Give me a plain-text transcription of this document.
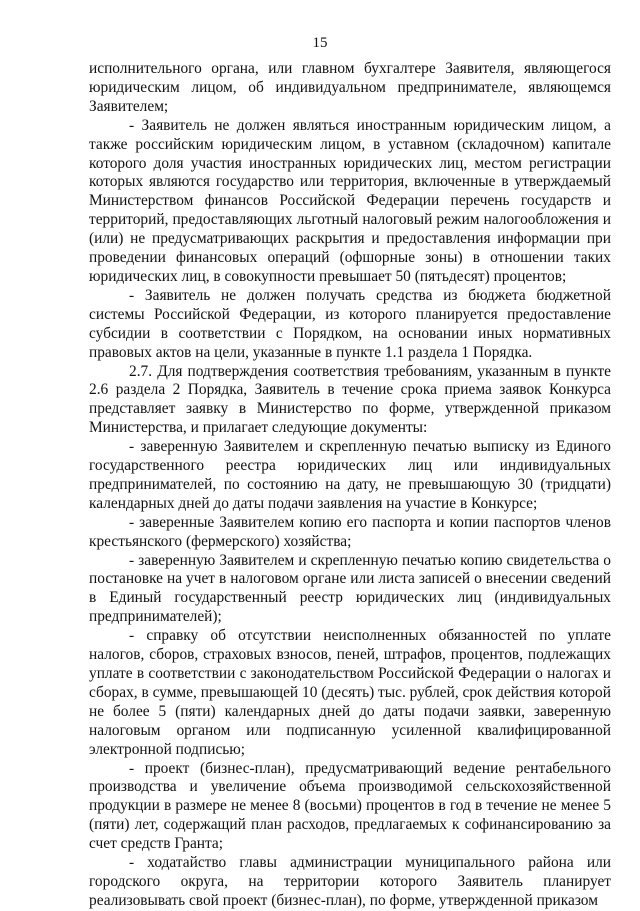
15

исполнительного органа, или главном бухгалтере Заявителя, являющегося юридическим лицом, об индивидуальном предпринимателе, являющемся Заявителем;

- Заявитель не должен являться иностранным юридическим лицом, а также российским юридическим лицом, в уставном (складочном) капитале которого доля участия иностранных юридических лиц, местом регистрации которых являются государство или территория, включенные в утверждаемый Министерством финансов Российской Федерации перечень государств и территорий, предоставляющих льготный налоговый режим налогообложения и (или) не предусматривающих раскрытия и предоставления информации при проведении финансовых операций (офшорные зоны) в отношении таких юридических лиц, в совокупности превышает 50 (пятьдесят) процентов;

- Заявитель не должен получать средства из бюджета бюджетной системы Российской Федерации, из которого планируется предоставление субсидии в соответствии с Порядком, на основании иных нормативных правовых актов на цели, указанные в пункте 1.1 раздела 1 Порядка.

2.7. Для подтверждения соответствия требованиям, указанным в пункте 2.6 раздела 2 Порядка, Заявитель в течение срока приема заявок Конкурса представляет заявку в Министерство по форме, утвержденной приказом Министерства, и прилагает следующие документы:

- заверенную Заявителем и скрепленную печатью выписку из Единого государственного реестра юридических лиц или индивидуальных предпринимателей, по состоянию на дату, не превышающую 30 (тридцати) календарных дней до даты подачи заявления на участие в Конкурсе;

- заверенные Заявителем копию его паспорта и копии паспортов членов крестьянского (фермерского) хозяйства;

- заверенную Заявителем и скрепленную печатью копию свидетельства о постановке на учет в налоговом органе или листа записей о внесении сведений в Единый государственный реестр юридических лиц (индивидуальных предпринимателей);

- справку об отсутствии неисполненных обязанностей по уплате налогов, сборов, страховых взносов, пеней, штрафов, процентов, подлежащих уплате в соответствии с законодательством Российской Федерации о налогах и сборах, в сумме, превышающей 10 (десять) тыс. рублей, срок действия которой не более 5 (пяти) календарных дней до даты подачи заявки, заверенную налоговым органом или подписанную усиленной квалифицированной электронной подписью;

- проект (бизнес-план), предусматривающий ведение рентабельного производства и увеличение объема производимой сельскохозяйственной продукции в размере не менее 8 (восьми) процентов в год в течение не менее 5 (пяти) лет, содержащий план расходов, предлагаемых к софинансированию за счет средств Гранта;

- ходатайство главы администрации муниципального района или городского округа, на территории которого Заявитель планирует реализовывать свой проект (бизнес-план), по форме, утвержденной приказом
